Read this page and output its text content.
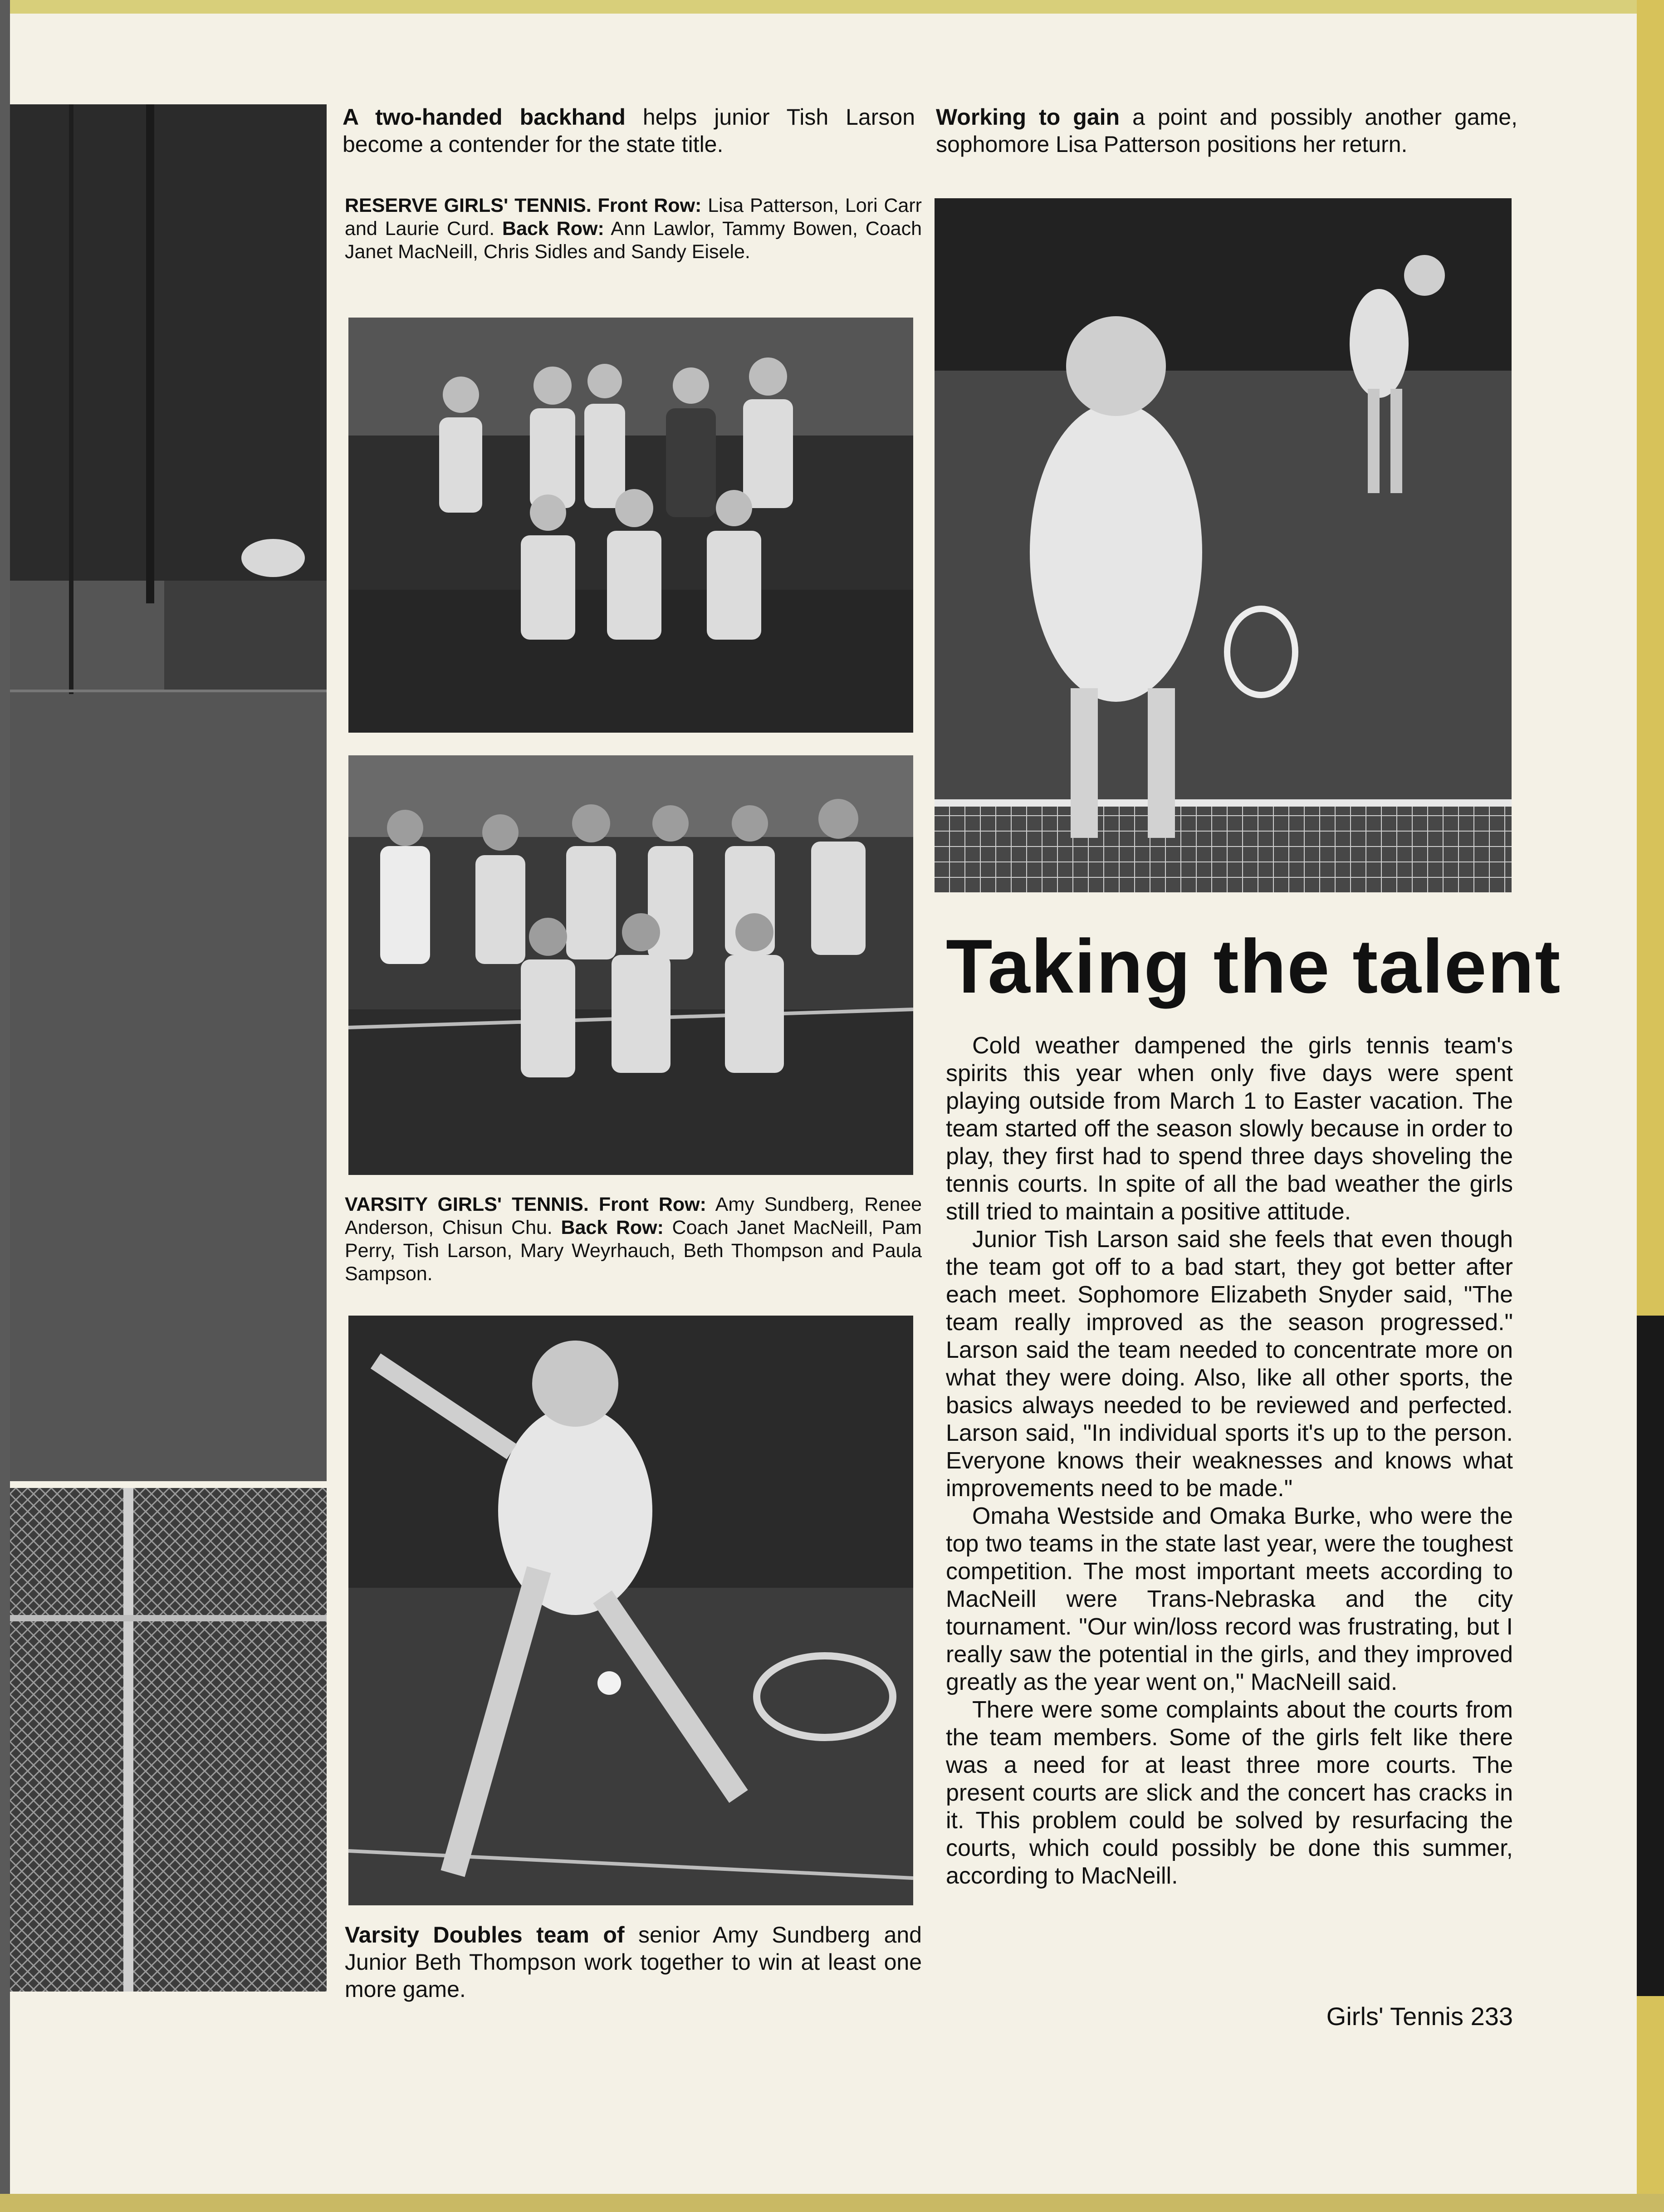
A two-handed backhand helps junior Tish Larson become a contender for the state title.
RESERVE GIRLS' TENNIS. Front Row: Lisa Patterson, Lori Carr and Laurie Curd. Back Row: Ann Lawlor, Tammy Bowen, Coach Janet MacNeill, Chris Sidles and Sandy Eisele.
VARSITY GIRLS' TENNIS. Front Row: Amy Sundberg, Renee Anderson, Chisun Chu. Back Row: Coach Janet MacNeill, Pam Perry, Tish Larson, Mary Weyrhauch, Beth Thompson and Paula Sampson.
Varsity Doubles team of senior Amy Sundberg and Junior Beth Thompson work together to win at least one more game.
Working to gain a point and possibly another game, sophomore Lisa Patterson positions her return.
Taking the talent

Cold weather dampened the girls tennis team's spirits this year when only five days were spent playing outside from March 1 to Easter vacation. The team started off the season slowly because in order to play, they first had to spend three days shoveling the tennis courts. In spite of all the bad weather the girls still tried to maintain a positive attitude.

Junior Tish Larson said she feels that even though the team got off to a bad start, they got better after each meet. Sophomore Elizabeth Snyder said, "The team really improved as the season progressed." Larson said the team needed to concentrate more on what they were doing. Also, like all other sports, the basics always needed to be reviewed and perfected. Larson said, "In individual sports it's up to the person. Everyone knows their weaknesses and knows what improvements need to be made."

Omaha Westside and Omaka Burke, who were the top two teams in the state last year, were the toughest competition. The most important meets according to MacNeill were Trans-Nebraska and the city tournament. "Our win/loss record was frustrating, but I really saw the potential in the girls, and they improved greatly as the year went on," MacNeill said.

There were some complaints about the courts from the team members. Some of the girls felt like there was a need for at least three more courts. The present courts are slick and the concert has cracks in it. This problem could be solved by resurfacing the courts, which could possibly be done this summer, according to MacNeill.

Girls' Tennis 233
